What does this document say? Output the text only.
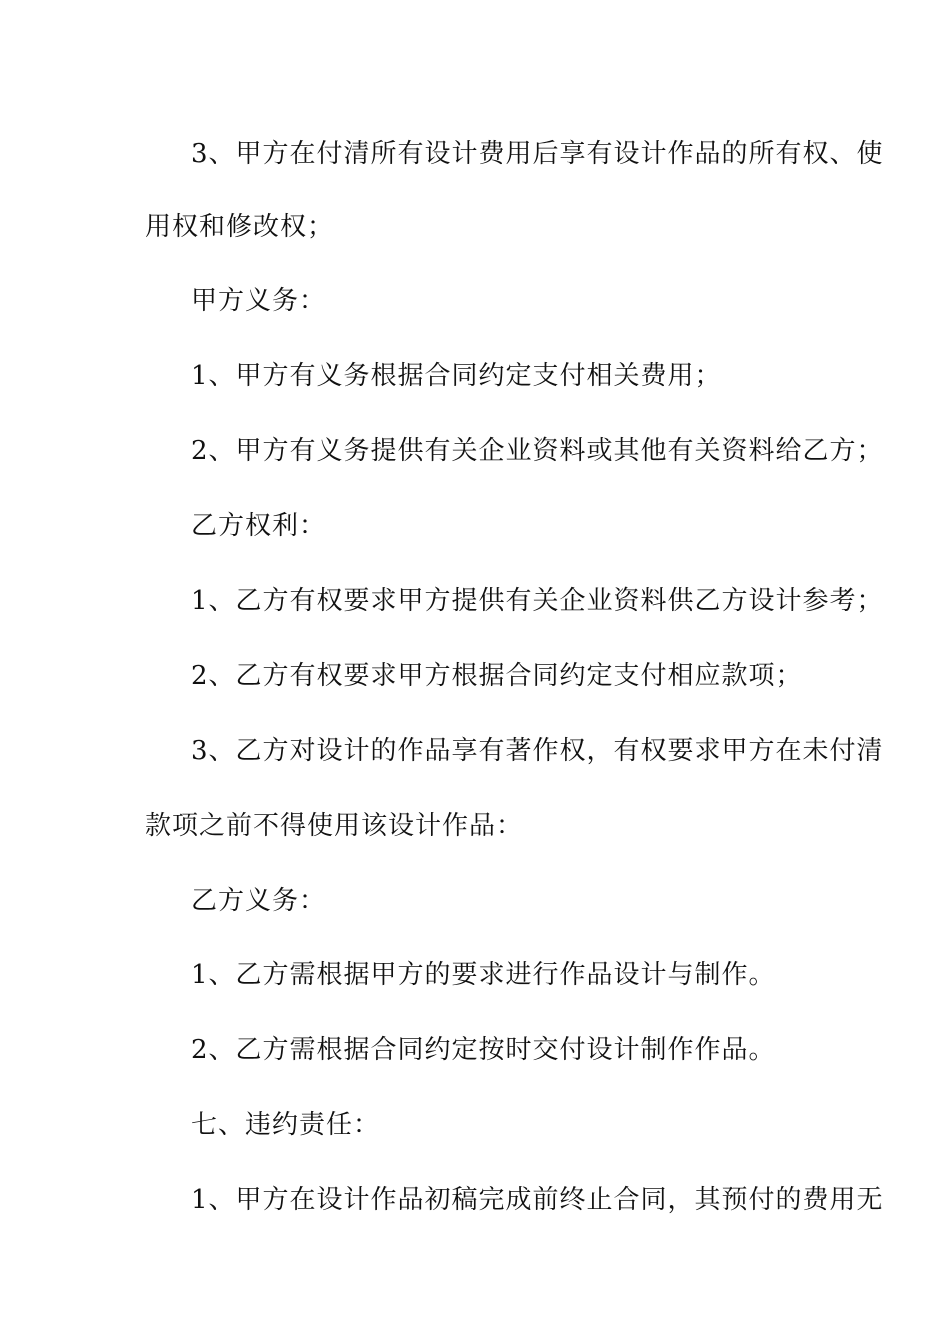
3、甲方在付清所有设计费用后享有设计作品的所有权、使

用权和修改权；

甲方义务：

1、甲方有义务根据合同约定支付相关费用；

2、甲方有义务提供有关企业资料或其他有关资料给乙方；

乙方权利：

1、乙方有权要求甲方提供有关企业资料供乙方设计参考；

2、乙方有权要求甲方根据合同约定支付相应款项；

3、乙方对设计的作品享有著作权，有权要求甲方在未付清

款项之前不得使用该设计作品：

乙方义务：

1、乙方需根据甲方的要求进行作品设计与制作。

2、乙方需根据合同约定按时交付设计制作作品。

七、违约责任：

1、甲方在设计作品初稿完成前终止合同，其预付的费用无
